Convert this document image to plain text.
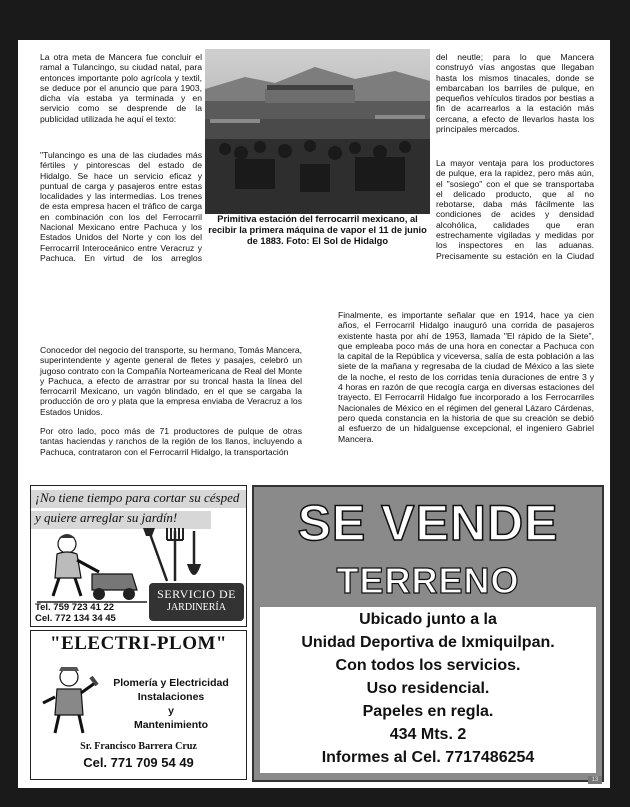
La otra meta de Mancera fue concluir el ramal a Tulancingo, su ciudad natal, para entonces importante polo agrícola y textil, se deduce por el anuncio que para 1903, dicha vía estaba ya terminada y en servicio como se desprende de la publicidad utilizada he aquí el texto:

"Tulancingo es una de las ciudades más fértiles y pintorescas del estado de Hidalgo. Se hace un servicio eficaz y puntual de carga y pasajeros entre estas localidades y las intermedias. Los trenes de esta empresa hacen el tráfico de carga en combinación con los del Ferrocarril Nacional Mexicano entre Pachuca y los Estados Unidos del Norte y con los del Ferrocarril Interoceánico entre Veracruz y Pachuca. En virtud de los arreglos

Conocedor del negocio del transporte, su hermano, Tomás Mancera, superintendente y agente general de fletes y pasajes, celebró un jugoso contrato con la Compañía Norteamericana de Real del Monte y Pachuca, a efecto de arrastrar por su troncal hasta la línea del ferrocarril Mexicano, un vagón blindado, en el que se cargaba la producción de oro y plata que la empresa enviaba de Veracruz a los Estados Unidos.

Por otro lado, poco más de 71 productores de pulque de otras tantas haciendas y ranchos de la región de los llanos, incluyendo a Pachuca, contrataron con el Ferrocarril Hidalgo, la transportación

Primitiva estación del ferrocarril mexicano, al recibir la primera máquina de vapor el 11 de junio de 1883. Foto: El Sol de Hidalgo

del neutle; para lo que Mancera construyó vías angostas que llegaban hasta los mismos tinacales, donde se embarcaban los barriles de pulque, en pequeños vehículos tirados por bestias a fin de acarrearlos a la estación más cercana, a efecto de llevarlos hasta los principales mercados.

La mayor ventaja para los productores de pulque, era la rapidez, pero más aún, el "sosiego" con el que se transportaba el delicado producto, que al no rebotarse, daba más fácilmente las condiciones de acides y densidad alcohólica, calidades que eran estrechamente vigiladas y medidas por los inspectores en las aduanas. Precisamente su estación en la Ciudad

Finalmente, es importante señalar que en 1914, hace ya cien años, el Ferrocarril Hidalgo inauguró una corrida de pasajeros existente hasta por ahí de 1953, llamada "El rápido de la Siete", que empleaba poco más de una hora en conectar a Pachuca con la capital de la República y viceversa, salía de esta población a las siete de la mañana y regresaba de la ciudad de México a las siete de la noche, el resto de los corridas tenía duraciones de entre 3 y 4 horas en razón de que recogía carga en diversas estaciones del trayecto. El Ferrocarril Hidalgo fue incorporado a los Ferrocarriles Nacionales de México en el régimen del general Lázaro Cárdenas, pero queda constancia en la historia de que su creación se debió al esfuerzo de un hidalguense excepcional, el ingeniero Gabriel Mancera.

¡No tiene tiempo para cortar su césped
y quiere arreglar su jardín!
SERVICIO DE
JARDINERÍA
Tel. 759 723 41 22
Cel. 772 134 34 45
"ELECTRI-PLOM"
Plomería y Electricidad
Instalaciones
y
Mantenimiento
Sr. Francisco Barrera Cruz
Cel. 771 709 54 49
SE VENDE
TERRENO
Ubicado junto a la
Unidad Deportiva de Ixmiquilpan.
Con todos los servicios.
Uso residencial.
Papeles en regla.
434 Mts. 2
Informes al Cel. 7717486254
13
